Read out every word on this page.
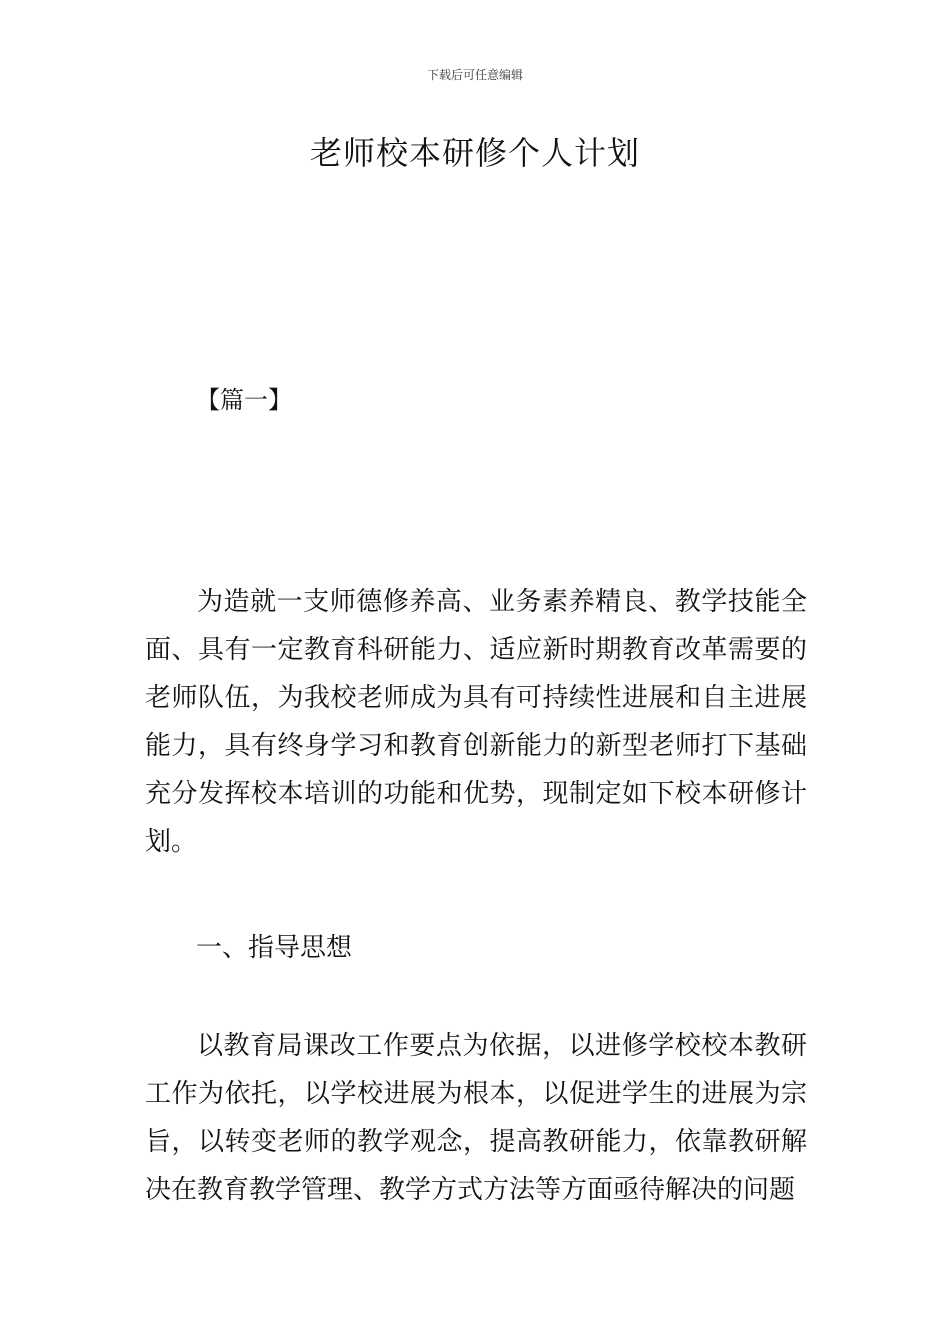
下载后可任意编辑
老师校本研修个人计划

【篇一】

为造就一支师德修养高、业务素养精良、教学技能全面、具有一定教育科研能力、适应新时期教育改革需要的老师队伍，为我校老师成为具有可持续性进展和自主进展能力，具有终身学习和教育创新能力的新型老师打下基础充分发挥校本培训的功能和优势，现制定如下校本研修计划。

一、指导思想

以教育局课改工作要点为依据，以进修学校校本教研工作为依托，以学校进展为根本，以促进学生的进展为宗旨，以转变老师的教学观念，提高教研能力，依靠教研解决在教育教学管理、教学方式方法等方面亟待解决的问题
